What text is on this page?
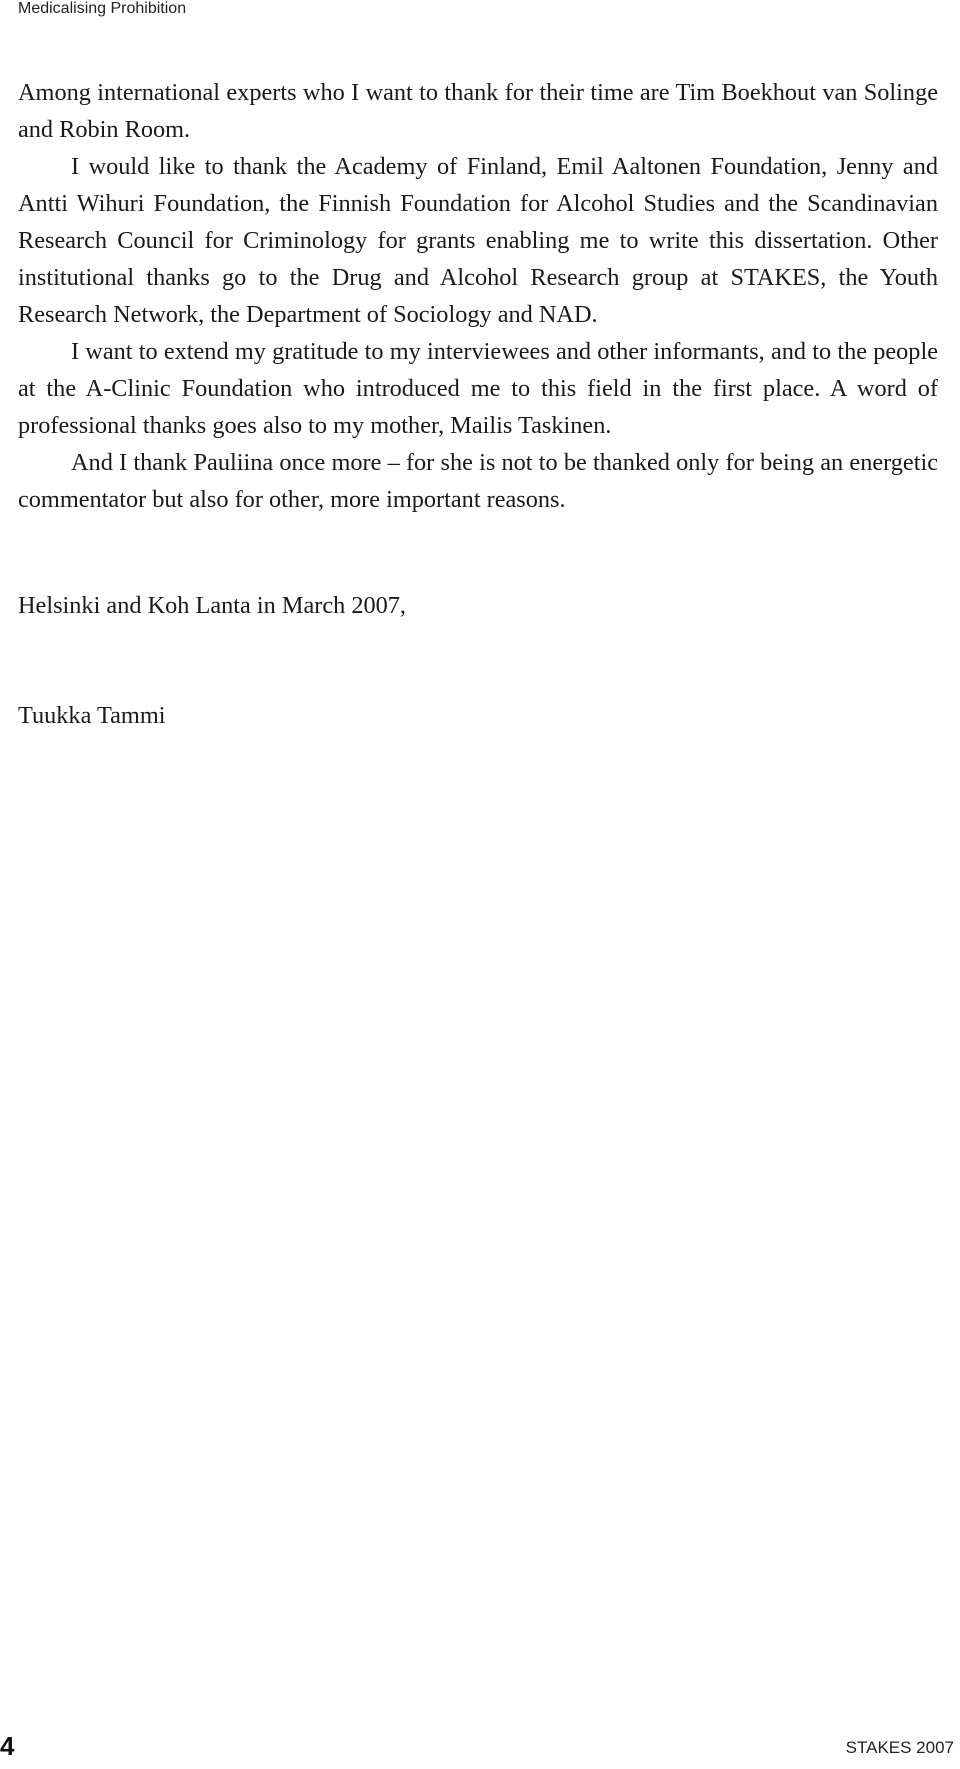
Medicalising Prohibition

Among international experts who I want to thank for their time are Tim Boekhout van Solinge and Robin Room.

I would like to thank the Academy of Finland, Emil Aaltonen Foundation, Jenny and Antti Wihuri Foundation, the Finnish Foundation for Alcohol Studies and the Scandinavian Research Council for Criminology for grants enabling me to write this dissertation. Other institutional thanks go to the Drug and Alcohol Research group at STAKES, the Youth Research Network, the Department of Sociology and NAD.

I want to extend my gratitude to my interviewees and other informants, and to the people at the A-Clinic Foundation who introduced me to this field in the first place. A word of professional thanks goes also to my mother, Mailis Taskinen.

And I thank Pauliina once more – for she is not to be thanked only for being an energetic commentator but also for other, more important reasons.

Helsinki and Koh Lanta in March 2007,
Tuukka Tammi
4	STAKES 2007
